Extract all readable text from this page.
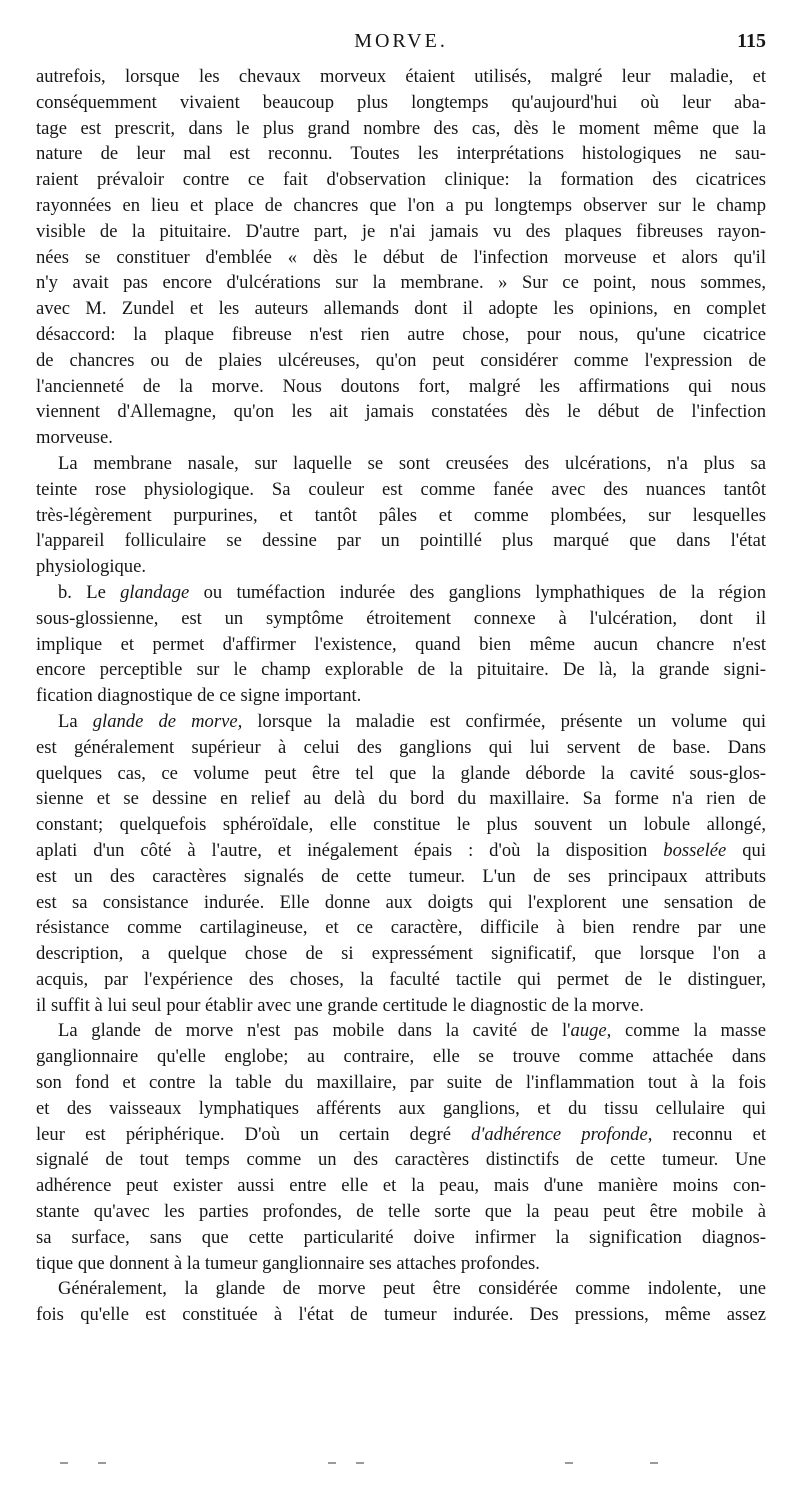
MORVE.	115

autrefois, lorsque les chevaux morveux étaient utilisés, malgré leur maladie, et
conséquemment vivaient beaucoup plus longtemps qu'aujourd'hui où leur aba-
tage est prescrit, dans le plus grand nombre des cas, dès le moment même que la
nature de leur mal est reconnu. Toutes les interprétations histologiques ne sau-
raient prévaloir contre ce fait d'observation clinique: la formation des cicatrices
rayonnées en lieu et place de chancres que l'on a pu longtemps observer sur le champ
visible de la pituitaire. D'autre part, je n'ai jamais vu des plaques fibreuses rayon-
nées se constituer d'emblée « dès le début de l'infection morveuse et alors qu'il
n'y avait pas encore d'ulcérations sur la membrane. » Sur ce point, nous sommes,
avec M. Zundel et les auteurs allemands dont il adopte les opinions, en complet
désaccord: la plaque fibreuse n'est rien autre chose, pour nous, qu'une cicatrice
de chancres ou de plaies ulcéreuses, qu'on peut considérer comme l'expression de
l'ancienneté de la morve. Nous doutons fort, malgré les affirmations qui nous
viennent d'Allemagne, qu'on les ait jamais constatées dès le début de l'infection
morveuse.

La membrane nasale, sur laquelle se sont creusées des ulcérations, n'a plus sa
teinte rose physiologique. Sa couleur est comme fanée avec des nuances tantôt
très-légèrement purpurines, et tantôt pâles et comme plombées, sur lesquelles
l'appareil folliculaire se dessine par un pointillé plus marqué que dans l'état
physiologique.

b. Le glandage ou tuméfaction indurée des ganglions lymphathiques de la région
sous-glossienne, est un symptôme étroitement connexe à l'ulcération, dont il
implique et permet d'affirmer l'existence, quand bien même aucun chancre n'est
encore perceptible sur le champ explorable de la pituitaire. De là, la grande signi-
fication diagnostique de ce signe important.

La glande de morve, lorsque la maladie est confirmée, présente un volume qui
est généralement supérieur à celui des ganglions qui lui servent de base. Dans
quelques cas, ce volume peut être tel que la glande déborde la cavité sous-glos-
sienne et se dessine en relief au delà du bord du maxillaire. Sa forme n'a rien de
constant; quelquefois sphéroïdale, elle constitue le plus souvent un lobule allongé,
aplati d'un côté à l'autre, et inégalement épais : d'où la disposition bosselée qui
est un des caractères signalés de cette tumeur. L'un de ses principaux attributs
est sa consistance indurée. Elle donne aux doigts qui l'explorent une sensation de
résistance comme cartilagineuse, et ce caractère, difficile à bien rendre par une
description, a quelque chose de si expressément significatif, que lorsque l'on a
acquis, par l'expérience des choses, la faculté tactile qui permet de le distinguer,
il suffit à lui seul pour établir avec une grande certitude le diagnostic de la morve.

La glande de morve n'est pas mobile dans la cavité de l'auge, comme la masse
ganglionnaire qu'elle englobe; au contraire, elle se trouve comme attachée dans
son fond et contre la table du maxillaire, par suite de l'inflammation tout à la fois
et des vaisseaux lymphatiques afférents aux ganglions, et du tissu cellulaire qui
leur est périphérique. D'où un certain degré d'adhérence profonde, reconnu et
signalé de tout temps comme un des caractères distinctifs de cette tumeur. Une
adhérence peut exister aussi entre elle et la peau, mais d'une manière moins con-
stante qu'avec les parties profondes, de telle sorte que la peau peut être mobile à
sa surface, sans que cette particularité doive infirmer la signification diagnos-
tique que donnent à la tumeur ganglionnaire ses attaches profondes.

Généralement, la glande de morve peut être considérée comme indolente, une
fois qu'elle est constituée à l'état de tumeur indurée. Des pressions, même assez
